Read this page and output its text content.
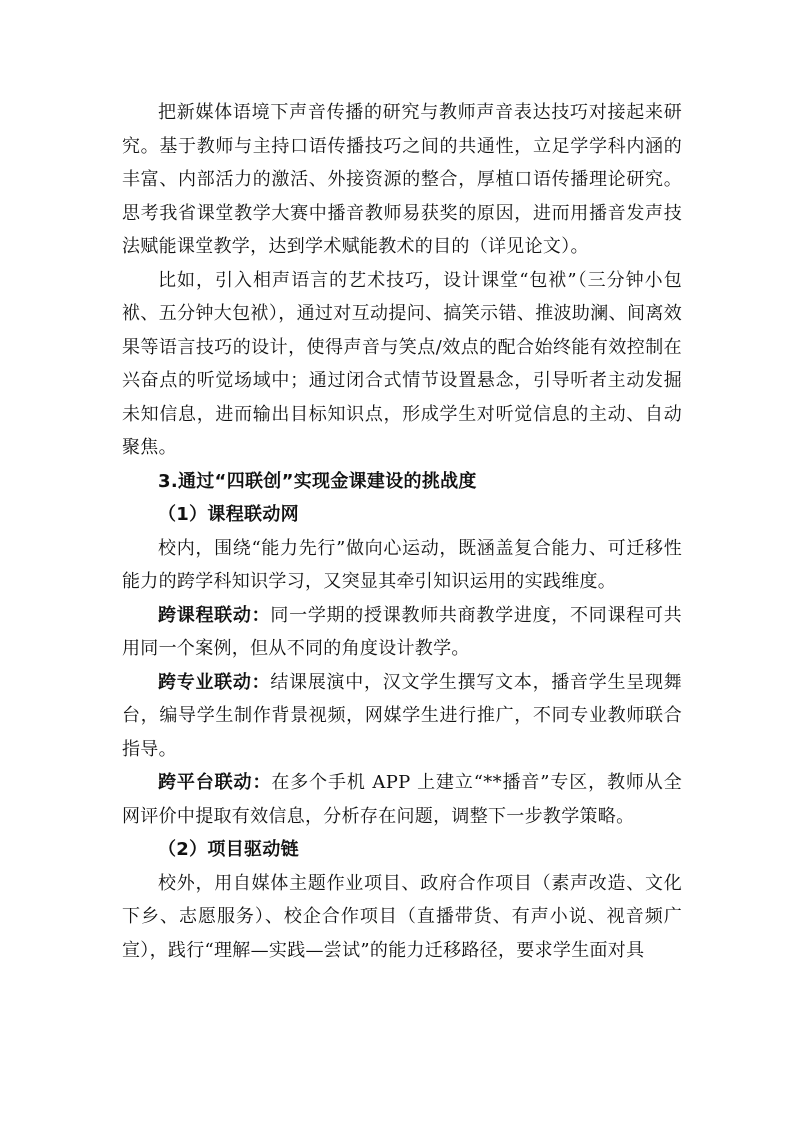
把新媒体语境下声音传播的研究与教师声音表达技巧对接起来研究。基于教师与主持口语传播技巧之间的共通性，立足学学科内涵的丰富、内部活力的激活、外接资源的整合，厚植口语传播理论研究。思考我省课堂教学大赛中播音教师易获奖的原因，进而用播音发声技法赋能课堂教学，达到学术赋能教术的目的（详见论文）。

比如，引入相声语言的艺术技巧，设计课堂“包袱”（三分钟小包袱、五分钟大包袱），通过对互动提问、搞笑示错、推波助澜、间离效果等语言技巧的设计，使得声音与笑点/效点的配合始终能有效控制在兴奋点的听觉场域中；通过闭合式情节设置悬念，引导听者主动发掘未知信息，进而输出目标知识点，形成学生对听觉信息的主动、自动聚焦。

3.通过“四联创”实现金课建设的挑战度

（1）课程联动网

校内，围绕“能力先行”做向心运动，既涵盖复合能力、可迁移性能力的跨学科知识学习，又突显其牵引知识运用的实践维度。

跨课程联动：同一学期的授课教师共商教学进度，不同课程可共用同一个案例，但从不同的角度设计教学。

跨专业联动：结课展演中，汉文学生撰写文本，播音学生呈现舞台，编导学生制作背景视频，网媒学生进行推广，不同专业教师联合指导。

跨平台联动：在多个手机 APP 上建立“**播音”专区，教师从全网评价中提取有效信息，分析存在问题，调整下一步教学策略。

（2）项目驱动链

校外，用自媒体主题作业项目、政府合作项目（素声改造、文化下乡、志愿服务）、校企合作项目（直播带货、有声小说、视音频广宣），践行“理解—实践—尝试”的能力迁移路径，要求学生面对具
